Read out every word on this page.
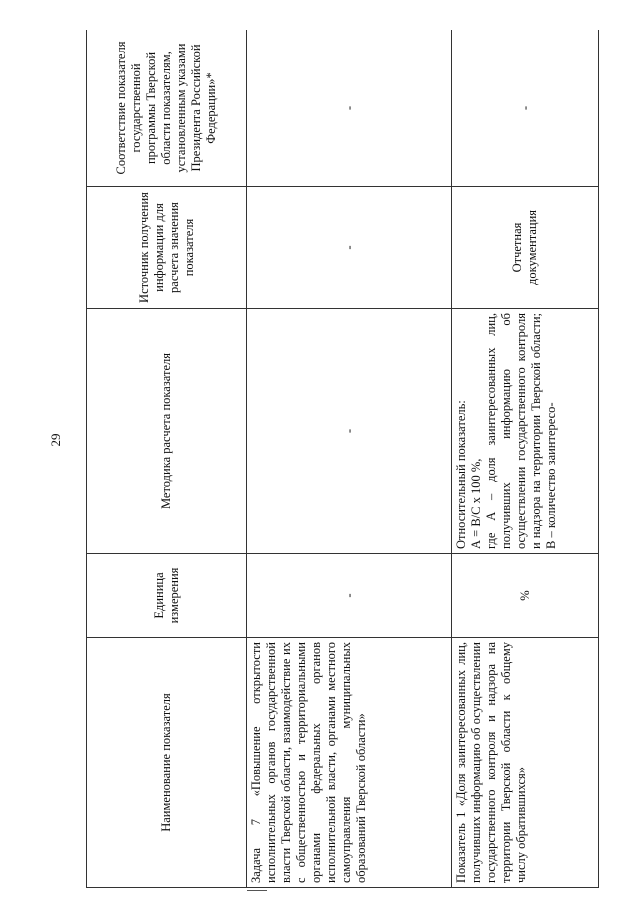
29
Наименование показателя	Единица измерения	Методика расчета показателя	Источник получения информации для расчета значения показателя	Соответствие показателя государственной программы Тверской области показателям, установленным указами Президента Российской Федерации»*
Задача 7 «Повышение открытости исполнительных органов государственной власти Тверской области, взаимодействие их с общественностью и территориальными органами федеральных органов исполнительной власти, органами местного самоуправления муниципальных образований Тверской области»	-	-	-	-
Показатель 1 «Доля заинтересованных лиц, получивших информацию об осуществлении государственного контроля и надзора на территории Тверской области к общему числу обратившихся»	%	Относительный показатель: А = В/С х 100 %, где А – доля заинтересованных лиц, получивших информацию об осуществлении государственного контроля и надзора на территории Тверской области; В – количество заинтересо-	Отчетная документация	-
